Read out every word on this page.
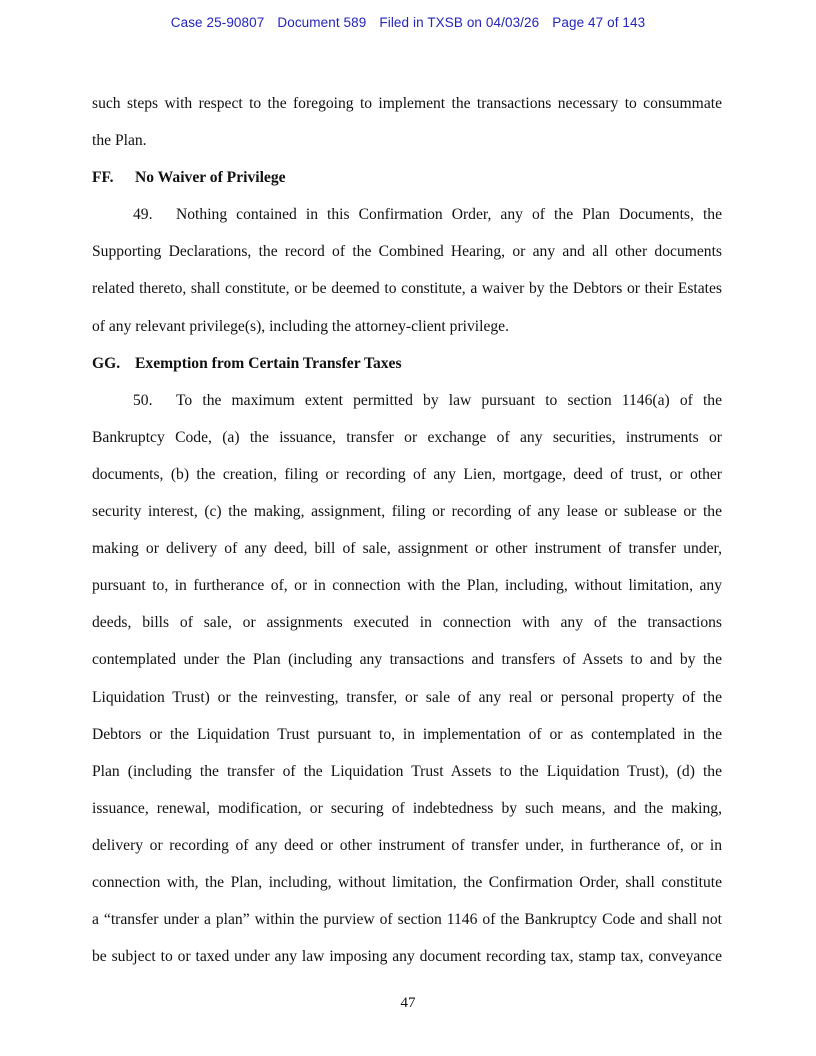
Case 25-90807 Document 589 Filed in TXSB on 04/03/26 Page 47 of 143
such steps with respect to the foregoing to implement the transactions necessary to consummate
the Plan.
FF. No Waiver of Privilege
49. Nothing contained in this Confirmation Order, any of the Plan Documents, the
Supporting Declarations, the record of the Combined Hearing, or any and all other documents
related thereto, shall constitute, or be deemed to constitute, a waiver by the Debtors or their Estates
of any relevant privilege(s), including the attorney-client privilege.
GG. Exemption from Certain Transfer Taxes
50. To the maximum extent permitted by law pursuant to section 1146(a) of the
Bankruptcy Code, (a) the issuance, transfer or exchange of any securities, instruments or
documents, (b) the creation, filing or recording of any Lien, mortgage, deed of trust, or other
security interest, (c) the making, assignment, filing or recording of any lease or sublease or the
making or delivery of any deed, bill of sale, assignment or other instrument of transfer under,
pursuant to, in furtherance of, or in connection with the Plan, including, without limitation, any
deeds, bills of sale, or assignments executed in connection with any of the transactions
contemplated under the Plan (including any transactions and transfers of Assets to and by the
Liquidation Trust) or the reinvesting, transfer, or sale of any real or personal property of the
Debtors or the Liquidation Trust pursuant to, in implementation of or as contemplated in the
Plan (including the transfer of the Liquidation Trust Assets to the Liquidation Trust), (d) the
issuance, renewal, modification, or securing of indebtedness by such means, and the making,
delivery or recording of any deed or other instrument of transfer under, in furtherance of, or in
connection with, the Plan, including, without limitation, the Confirmation Order, shall constitute
a “transfer under a plan” within the purview of section 1146 of the Bankruptcy Code and shall not
be subject to or taxed under any law imposing any document recording tax, stamp tax, conveyance
47
